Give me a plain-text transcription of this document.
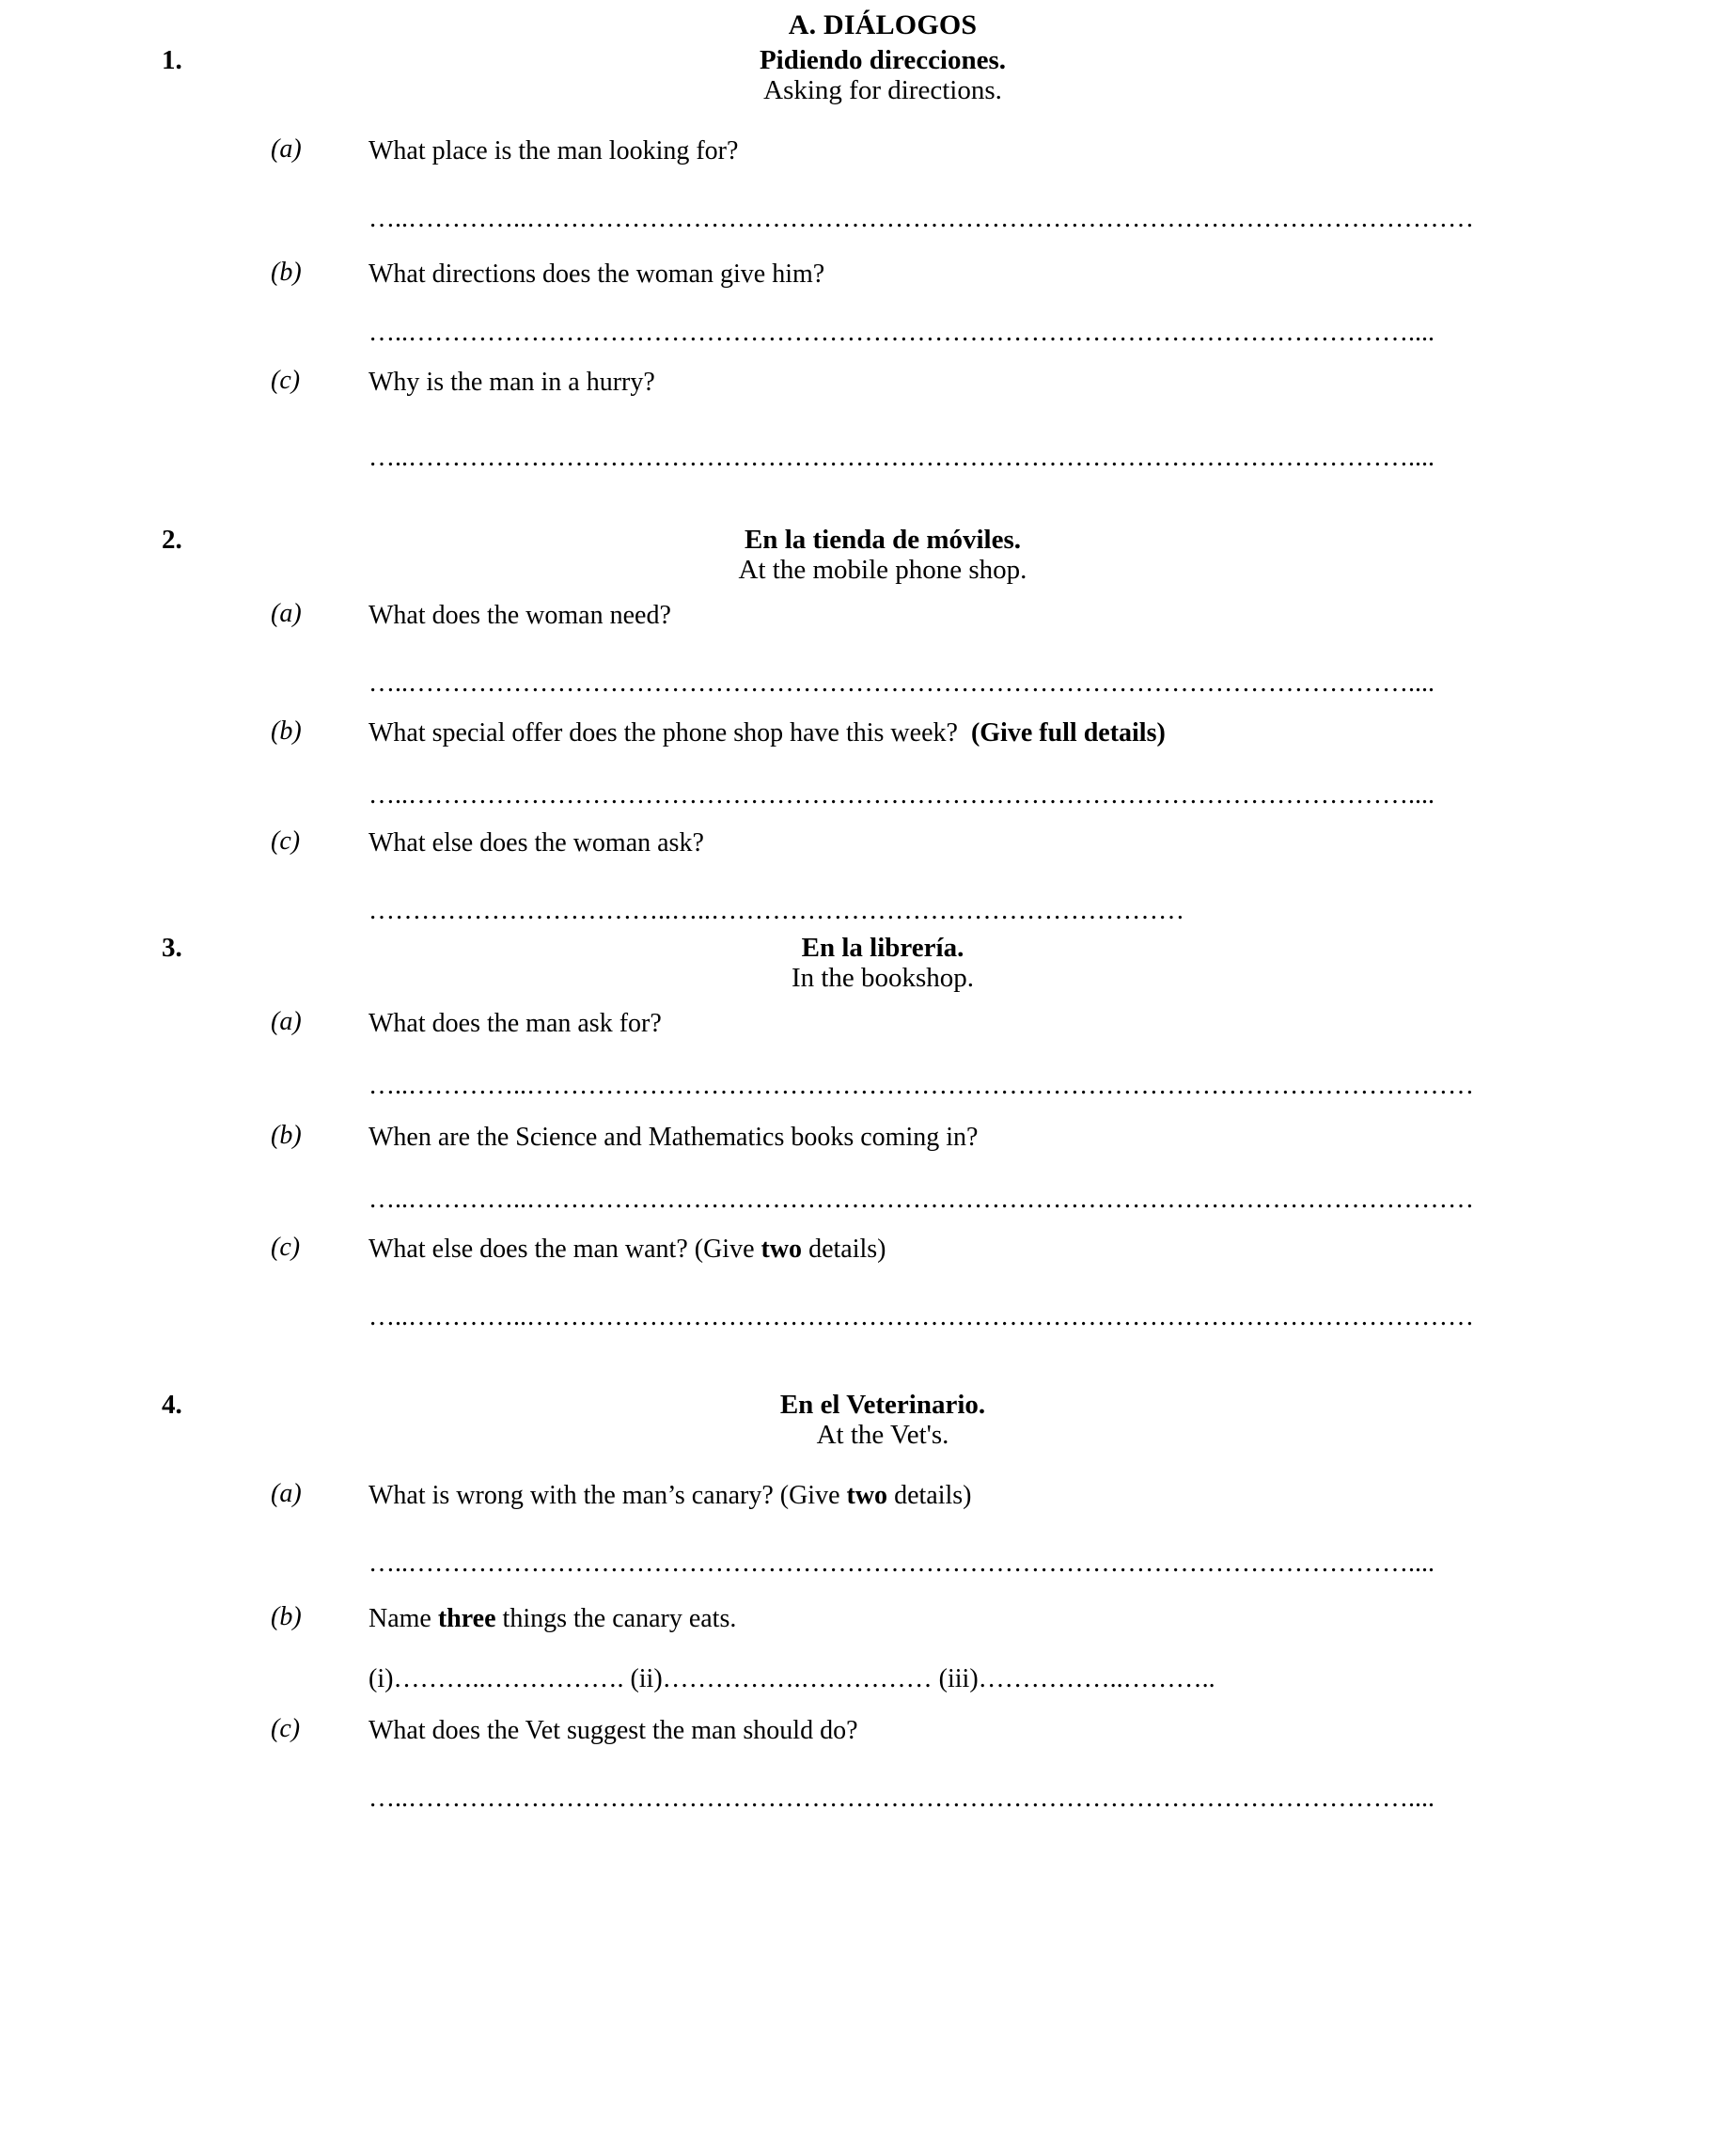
A. DIÁLOGOS
1.	Pidiendo direcciones.
Asking for directions.
(a)	What place is the man looking for?
…..…………..………………………………………………………………………………………………
(b)	What directions does the woman give him?
…..……………………………………………………………………………………………………....
(c)	Why is the man in a hurry?
…..……………………………………………………………………………………………………....
2.	En la tienda de móviles.
At the mobile phone shop.
(a)	What does the woman need?
…..……………………………………………………………………………………………………....
(b)	What special offer does the phone shop have this week? (Give full details)
…..……………………………………………………………………………………………………....
(c)	What else does the woman ask?
……………………………..…..………………………………………………
3.	En la librería.
In the bookshop.
(a)	What does the man ask for?
…..…………..………………………………………………………………………………………………
(b)	When are the Science and Mathematics books coming in?
…..…………..………………………………………………………………………………………………
(c)	What else does the man want? (Give two details)
…..…………..………………………………………………………………………………………………
4.	En el Veterinario.
At the Vet's.
(a)	What is wrong with the man’s canary? (Give two details)
…..……………………………………………………………………………………………………....
(b)	Name three things the canary eats.
(i)………..……………. (ii)…………….…………… (iii)……………..………..
(c)	What does the Vet suggest the man should do?
…..……………………………………………………………………………………………………....
